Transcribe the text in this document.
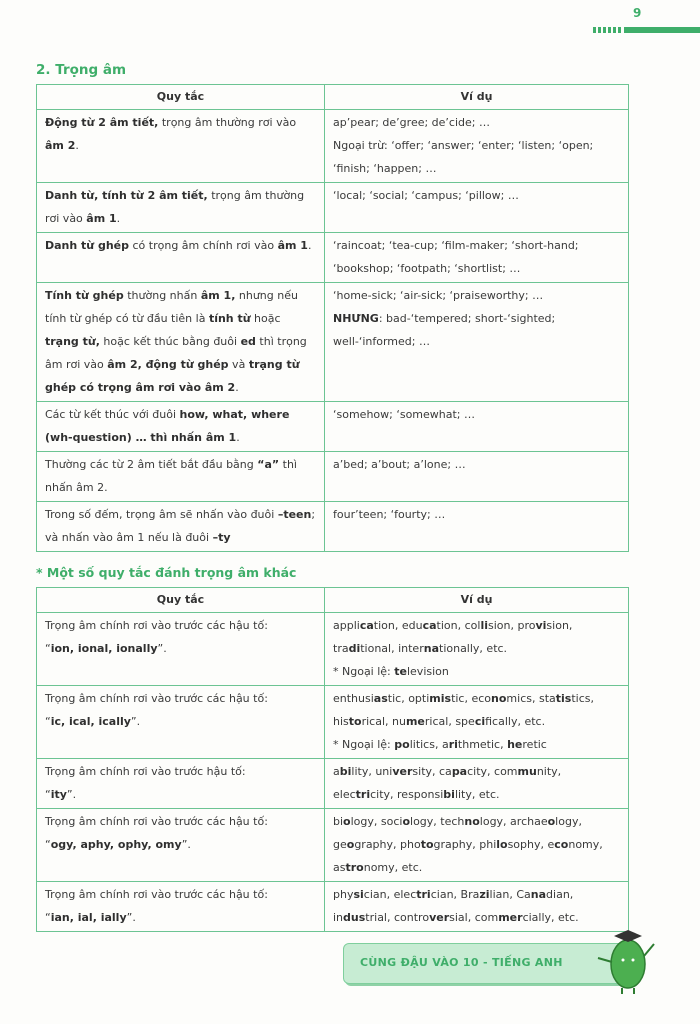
9
2. Trọng âm
Quy tắc	Ví dụ
Động từ 2 âm tiết, trọng âm thường rơi vào âm 2.	ap’pear; de’gree; de’cide; …
Ngoại trừ: ‘offer; ‘answer; ‘enter; ‘listen; ‘open; ‘finish; ‘happen; …

Danh từ, tính từ 2 âm tiết, trọng âm thường rơi vào âm 1.	‘local; ‘social; ‘campus; ‘pillow; …

Danh từ ghép có trọng âm chính rơi vào âm 1.	‘raincoat; ‘tea-cup; ‘film-maker; ‘short-hand; ‘bookshop; ‘footpath; ‘shortlist; …

Tính từ ghép thường nhấn âm 1, nhưng nếu tính từ ghép có từ đầu tiên là tính từ hoặc trạng từ, hoặc kết thúc bằng đuôi ed thì trọng âm rơi vào âm 2, động từ ghép và trạng từ ghép có trọng âm rơi vào âm 2.	‘home-sick; ‘air-sick; ‘praiseworthy; …
NHƯNG: bad-‘tempered; short-‘sighted; well-‘informed; …

Các từ kết thúc với đuôi how, what, where (wh-question) … thì nhấn âm 1.	‘somehow; ‘somewhat; …

Thường các từ 2 âm tiết bắt đầu bằng “a” thì nhấn âm 2.	a’bed; a’bout; a’lone; …

Trong số đếm, trọng âm sẽ nhấn vào đuôi –teen; và nhấn vào âm 1 nếu là đuôi –ty	four’teen; ‘fourty; …
* Một số quy tắc đánh trọng âm khác
Quy tắc	Ví dụ

Trọng âm chính rơi vào trước các hậu tố:
“ion, ional, ionally”.	application, education, collision, provision, traditional, internationally, etc.
* Ngoại lệ: television

Trọng âm chính rơi vào trước các hậu tố:
“ic, ical, ically”.	enthusiastic, optimistic, economics, statistics, historical, numerical, specifically, etc.
* Ngoại lệ: politics, arithmetic, heretic

Trọng âm chính rơi vào trước hậu tố:
“ity”.	ability, university, capacity, community, electricity, responsibility, etc.

Trọng âm chính rơi vào trước các hậu tố:
“ogy, aphy, ophy, omy”.	biology, sociology, technology, archaeology, geography, photography, philosophy, economy, astronomy, etc.

Trọng âm chính rơi vào trước các hậu tố:
“ian, ial, ially”.	physician, electrician, Brazilian, Canadian, industrial, controversial, commercially, etc.
CÙNG ĐẬU VÀO 10 - TIẾNG ANH
